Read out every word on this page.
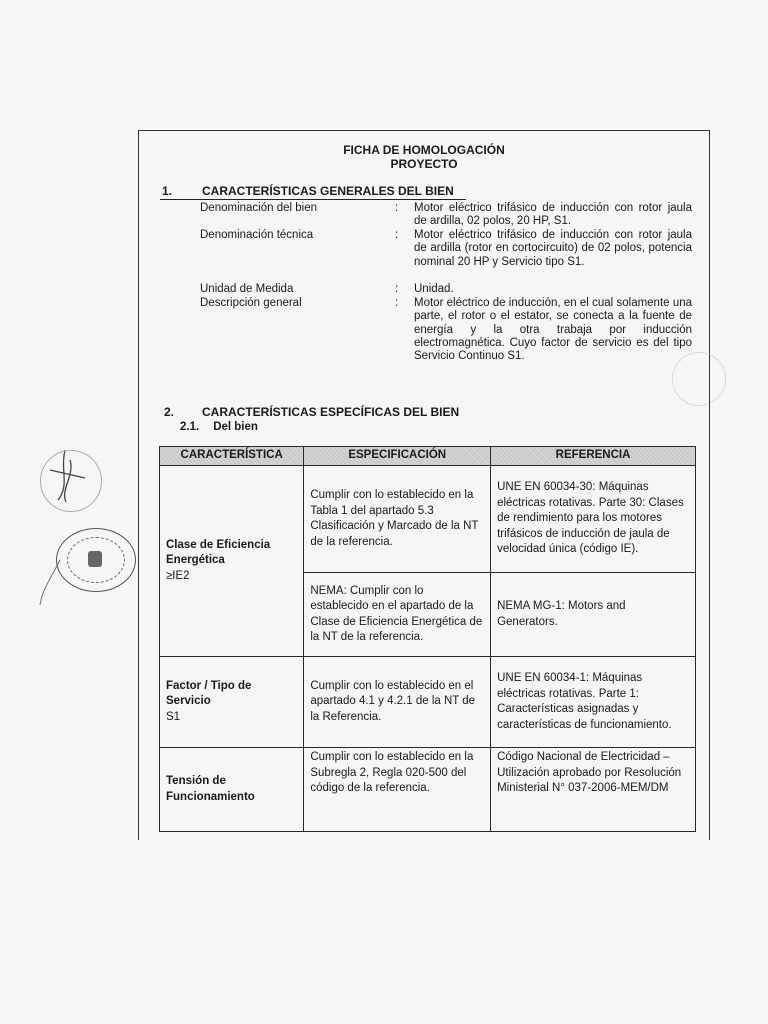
FICHA DE HOMOLOGACIÓN
PROYECTO
1. CARACTERÍSTICAS GENERALES DEL BIEN
Denominación del bien	: Motor eléctrico trifásico de inducción con rotor jaula de ardilla, 02 polos, 20 HP, S1.
Denominación técnica	: Motor eléctrico trifásico de inducción con rotor jaula de ardilla (rotor en cortocircuito) de 02 polos, potencia nominal 20 HP y Servicio tipo S1.
Unidad de Medida	: Unidad.
Descripción general	: Motor eléctrico de inducción, en el cual solamente una parte, el rotor o el estator, se conecta a la fuente de energía y la otra trabaja por inducción electromagnética. Cuyo factor de servicio es del tipo Servicio Continuo S1.
2. CARACTERÍSTICAS ESPECÍFICAS DEL BIEN
2.1. Del bien
CARACTERÍSTICA	ESPECIFICACIÓN	REFERENCIA

Clase de Eficiencia Energética
≥IE2	Cumplir con lo establecido en la Tabla 1 del apartado 5.3 Clasificación y Marcado de la NT de la referencia.	UNE EN 60034-30: Máquinas eléctricas rotativas. Parte 30: Clases de rendimiento para los motores trifásicos de inducción de jaula de velocidad única (código IE).
	NEMA: Cumplir con lo establecido en el apartado de la Clase de Eficiencia Energética de la NT de la referencia.	NEMA MG-1: Motors and Generators.

Factor / Tipo de Servicio
S1	Cumplir con lo establecido en el apartado 4.1 y 4.2.1 de la NT de la Referencia.	UNE EN 60034-1: Máquinas eléctricas rotativas. Parte 1: Características asignadas y características de funcionamiento.

Tensión de Funcionamiento	Cumplir con lo establecido en la Subregla 2, Regla 020-500 del código de la referencia.	Código Nacional de Electricidad – Utilización aprobado por Resolución Ministerial N° 037-2006-MEM/DM
